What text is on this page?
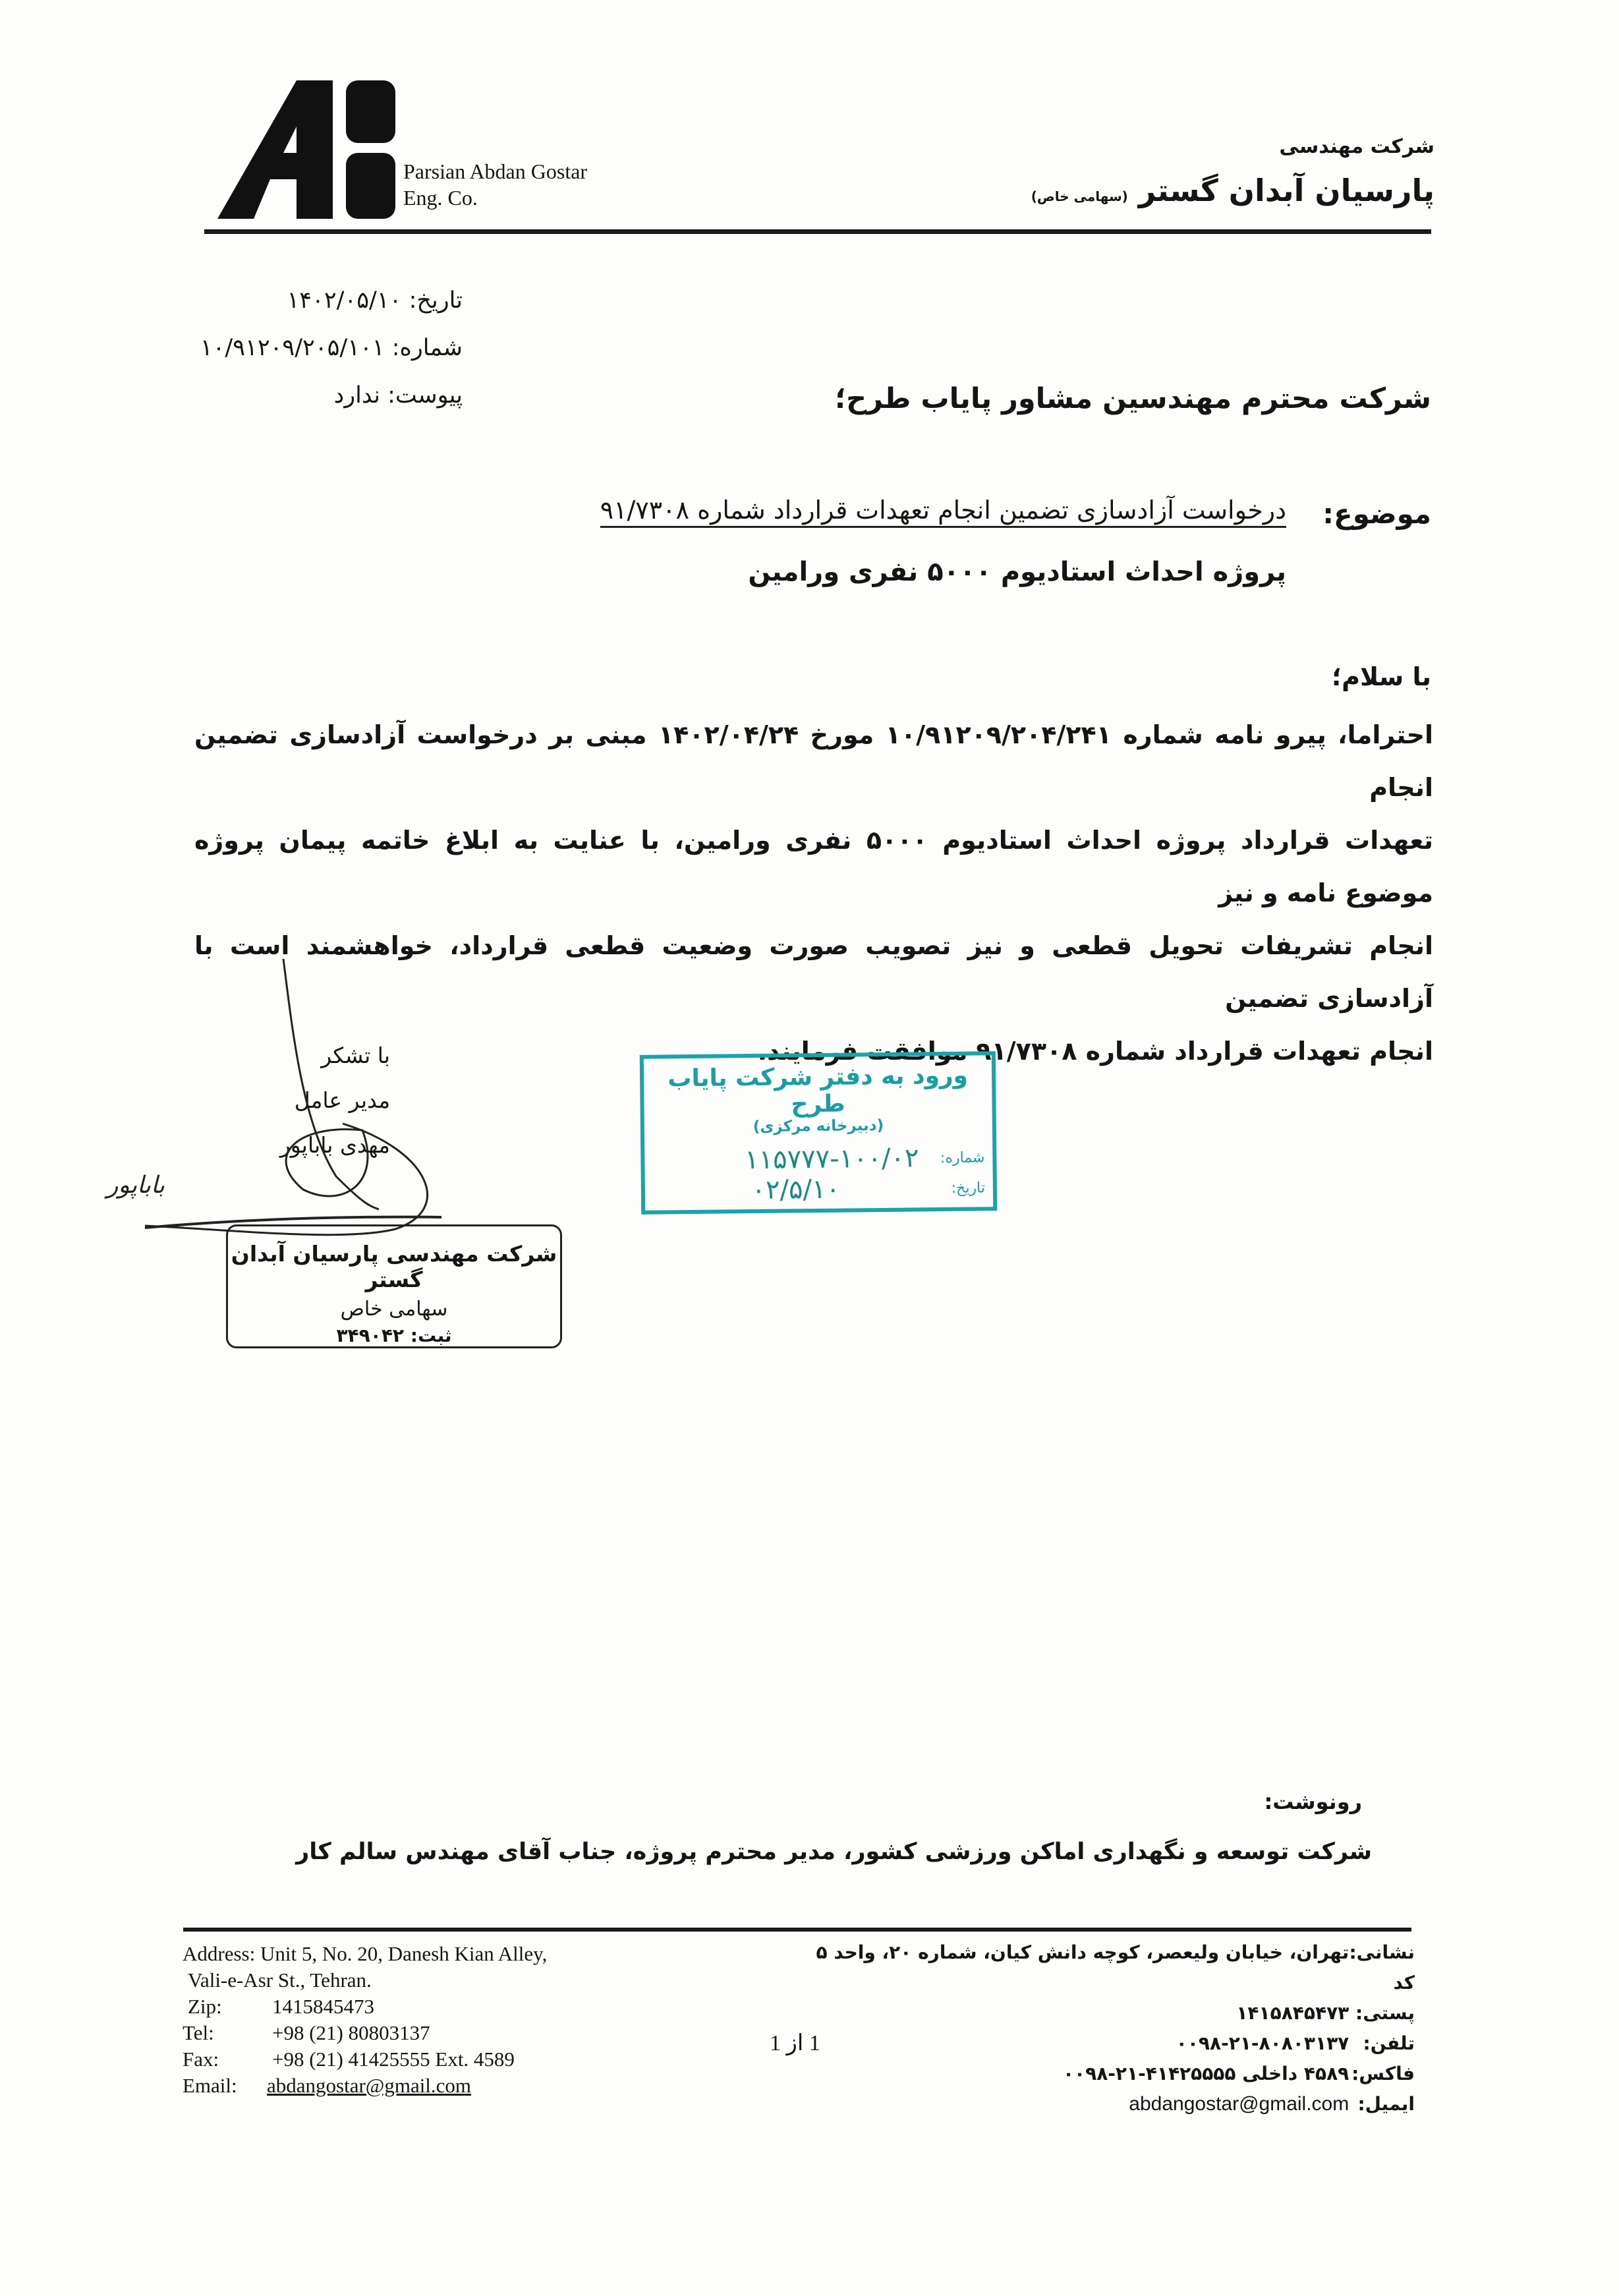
Parsian Abdan Gostar
Eng. Co.
شرکت مهندسی
پارسیان آبدان گستر (سهامی خاص)
تاریخ: ۱۴۰۲/۰۵/۱۰
شماره: ۱۰/۹۱۲۰۹/۲۰۵/۱۰۱
پیوست: ندارد	شرکت محترم مهندسین مشاور پایاب طرح؛
موضوع:
درخواست آزادسازی تضمین انجام تعهدات قرارداد شماره ۹۱/۷۳۰۸
پروژه احداث استادیوم ۵۰۰۰ نفری ورامین
با سلام؛
احتراما، پیرو نامه شماره ۱۰/۹۱۲۰۹/۲۰۴/۲۴۱ مورخ ۱۴۰۲/۰۴/۲۴ مبنی بر درخواست آزادسازی تضمین انجام
تعهدات قرارداد پروژه احداث استادیوم ۵۰۰۰ نفری ورامین، با عنایت به ابلاغ خاتمه پیمان پروژه موضوع نامه و نیز
انجام تشریفات تحویل قطعی و نیز تصویب صورت وضعیت قطعی قرارداد، خواهشمند است با آزادسازی تضمین
انجام تعهدات قرارداد شماره ۹۱/۷۳۰۸ موافقت فرمایند.
با تشکر
مدیر عامل
مهدی باباپور
باباپور
شرکت مهندسی پارسیان آبدان گستر
سهامی خاص
ثبت: ۳۴۹۰۴۲
ورود به دفتر شرکت پایاب طرح
(دبیرخانه مرکزی)
شماره:
۱۱۵۷۷۷-۱۰۰/۰۲
تاریخ:
۰۲/۵/۱۰
رونوشت:
شرکت توسعه و نگهداری اماکن ورزشی کشور، مدیر محترم پروژه، جناب آقای مهندس سالم کار
Address: Unit 5, No. 20, Danesh Kian Alley,
Vali-e-Asr St., Tehran.
Zip:	1415845473
Tel:	+98 (21) 80803137
Fax:	+98 (21) 41425555 Ext. 4589
Email:	abdangostar@gmail.com
1 از 1
نشانی: تهران، خیابان ولیعصر، کوچه دانش کیان، شماره ۲۰، واحد ۵
کد پستی: ۱۴۱۵۸۴۵۴۷۳
تلفن: ۰۰۹۸-۲۱-۸۰۸۰۳۱۳۷
فاکس: ۴۵۸۹ داخلی ۴۱۴۲۵۵۵۵-۲۱-۰۰۹۸
ایمیل: abdangostar@gmail.com
